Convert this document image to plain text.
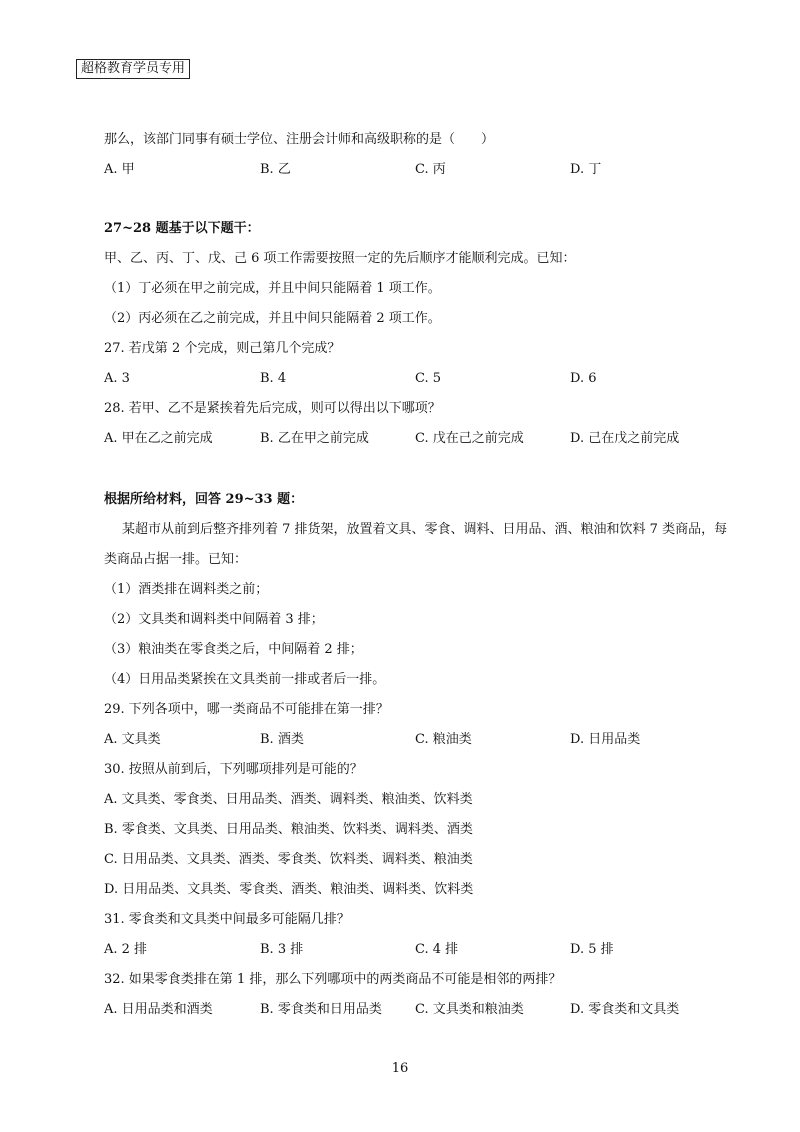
超格教育学员专用
那么，该部门同事有硕士学位、注册会计师和高级职称的是（　　）
A. 甲	B. 乙	C. 丙	D. 丁
27~28 题基于以下题干：
甲、乙、丙、丁、戊、己 6 项工作需要按照一定的先后顺序才能顺利完成。已知：
（1）丁必须在甲之前完成，并且中间只能隔着 1 项工作。
（2）丙必须在乙之前完成，并且中间只能隔着 2 项工作。
27. 若戊第 2 个完成，则己第几个完成？
A. 3	B. 4	C. 5	D. 6
28. 若甲、乙不是紧挨着先后完成，则可以得出以下哪项？
A. 甲在乙之前完成	B. 乙在甲之前完成	C. 戊在己之前完成	D. 己在戊之前完成
根据所给材料，回答 29~33 题：
某超市从前到后整齐排列着 7 排货架，放置着文具、零食、调料、日用品、酒、粮油和饮料 7 类商品，每
类商品占据一排。已知：
（1）酒类排在调料类之前；
（2）文具类和调料类中间隔着 3 排；
（3）粮油类在零食类之后，中间隔着 2 排；
（4）日用品类紧挨在文具类前一排或者后一排。
29. 下列各项中，哪一类商品不可能排在第一排？
A. 文具类	B. 酒类	C. 粮油类	D. 日用品类
30. 按照从前到后，下列哪项排列是可能的？
A. 文具类、零食类、日用品类、酒类、调料类、粮油类、饮料类
B. 零食类、文具类、日用品类、粮油类、饮料类、调料类、酒类
C. 日用品类、文具类、酒类、零食类、饮料类、调料类、粮油类
D. 日用品类、文具类、零食类、酒类、粮油类、调料类、饮料类
31. 零食类和文具类中间最多可能隔几排？
A. 2 排	B. 3 排	C. 4 排	D. 5 排
32. 如果零食类排在第 1 排，那么下列哪项中的两类商品不可能是相邻的两排？
A. 日用品类和酒类	B. 零食类和日用品类	C. 文具类和粮油类	D. 零食类和文具类
16
